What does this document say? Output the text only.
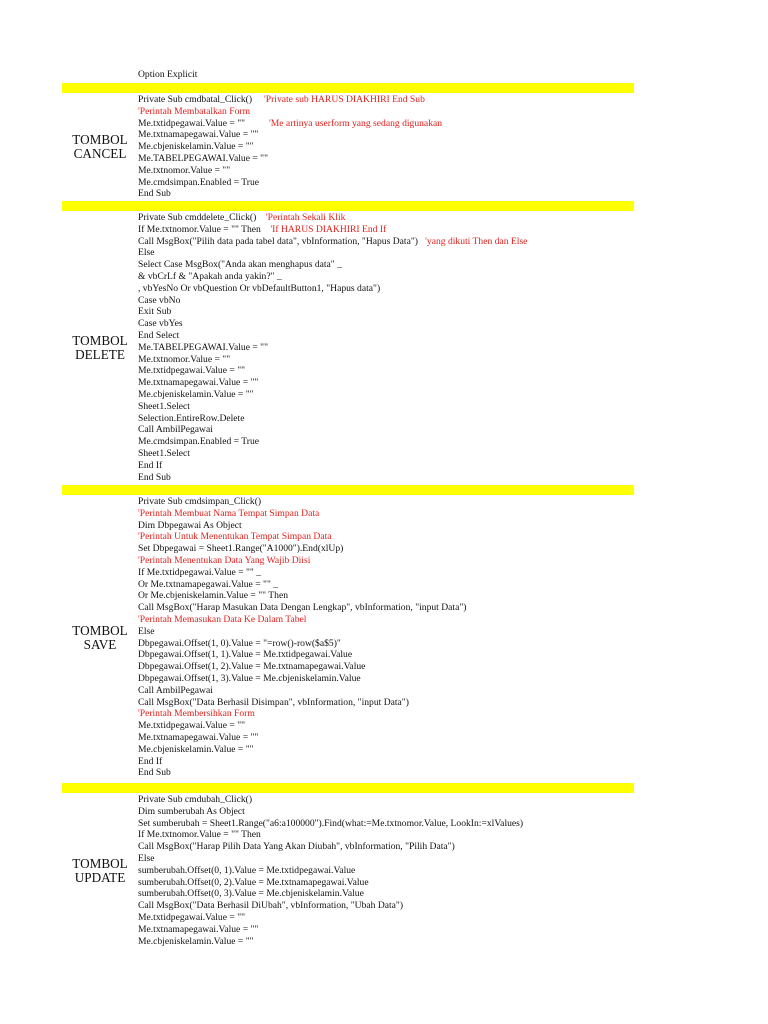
Option Explicit
Private Sub cmdbatal_Click()     'Private sub HARUS DIAKHIRI End Sub
'Perintah Membatalkan Form
Me.txtidpegawai.Value = ""          'Me artinya userform yang sedang digunakan
Me.txtnamapegawai.Value = ""
Me.cbjeniskelamin.Value = ""
Me.TABELPEGAWAI.Value = ""
Me.txtnomor.Value = ""
Me.cmdsimpan.Enabled = True
End Sub
TOMBOL
CANCEL
Private Sub cmddelete_Click()    'Perintah Sekali Klik
If Me.txtnomor.Value = "" Then    'If HARUS DIAKHIRI End If
Call MsgBox("Pilih data pada tabel data", vbInformation, "Hapus Data")   'yang dikuti Then dan Else
Else
Select Case MsgBox("Anda akan menghapus data" _
& vbCrLf & "Apakah anda yakin?" _
, vbYesNo Or vbQuestion Or vbDefaultButton1, "Hapus data")
Case vbNo
Exit Sub
Case vbYes
End Select
Me.TABELPEGAWAI.Value = ""
Me.txtnomor.Value = ""
Me.txtidpegawai.Value = ""
Me.txtnamapegawai.Value = ""
Me.cbjeniskelamin.Value = ""
Sheet1.Select
Selection.EntireRow.Delete
Call AmbilPegawai
Me.cmdsimpan.Enabled = True
Sheet1.Select
End If
End Sub
TOMBOL
DELETE
Private Sub cmdsimpan_Click()
'Perintah Membuat Nama Tempat Simpan Data
Dim Dbpegawai As Object
'Perintah Untuk Menentukan Tempat Simpan Data
Set Dbpegawai = Sheet1.Range("A1000").End(xlUp)
'Perintah Menentukan Data Yang Wajib Diisi
If Me.txtidpegawai.Value = "" _
Or Me.txtnamapegawai.Value = "" _
Or Me.cbjeniskelamin.Value = "" Then
Call MsgBox("Harap Masukan Data Dengan Lengkap", vbInformation, "input Data")
'Perintah Memasukan Data Ke Dalam Tabel
Else
Dbpegawai.Offset(1, 0).Value = "=row()-row($a$5)"
Dbpegawai.Offset(1, 1).Value = Me.txtidpegawai.Value
Dbpegawai.Offset(1, 2).Value = Me.txtnamapegawai.Value
Dbpegawai.Offset(1, 3).Value = Me.cbjeniskelamin.Value
Call AmbilPegawai
Call MsgBox("Data Berhasil Disimpan", vbInformation, "input Data")
'Perintah Membersihkan Form
Me.txtidpegawai.Value = ""
Me.txtnamapegawai.Value = ""
Me.cbjeniskelamin.Value = ""
End If
End Sub
TOMBOL
SAVE
Private Sub cmdubah_Click()
Dim sumberubah As Object
Set sumberubah = Sheet1.Range("a6:a100000").Find(what:=Me.txtnomor.Value, LookIn:=xlValues)
If Me.txtnomor.Value = "" Then
Call MsgBox("Harap Pilih Data Yang Akan Diubah", vbInformation, "Pilih Data")
Else
sumberubah.Offset(0, 1).Value = Me.txtidpegawai.Value
sumberubah.Offset(0, 2).Value = Me.txtnamapegawai.Value
sumberubah.Offset(0, 3).Value = Me.cbjeniskelamin.Value
Call MsgBox("Data Berhasil DiUbah", vbInformation, "Ubah Data")
Me.txtidpegawai.Value = ""
Me.txtnamapegawai.Value = ""
Me.cbjeniskelamin.Value = ""
TOMBOL
UPDATE
